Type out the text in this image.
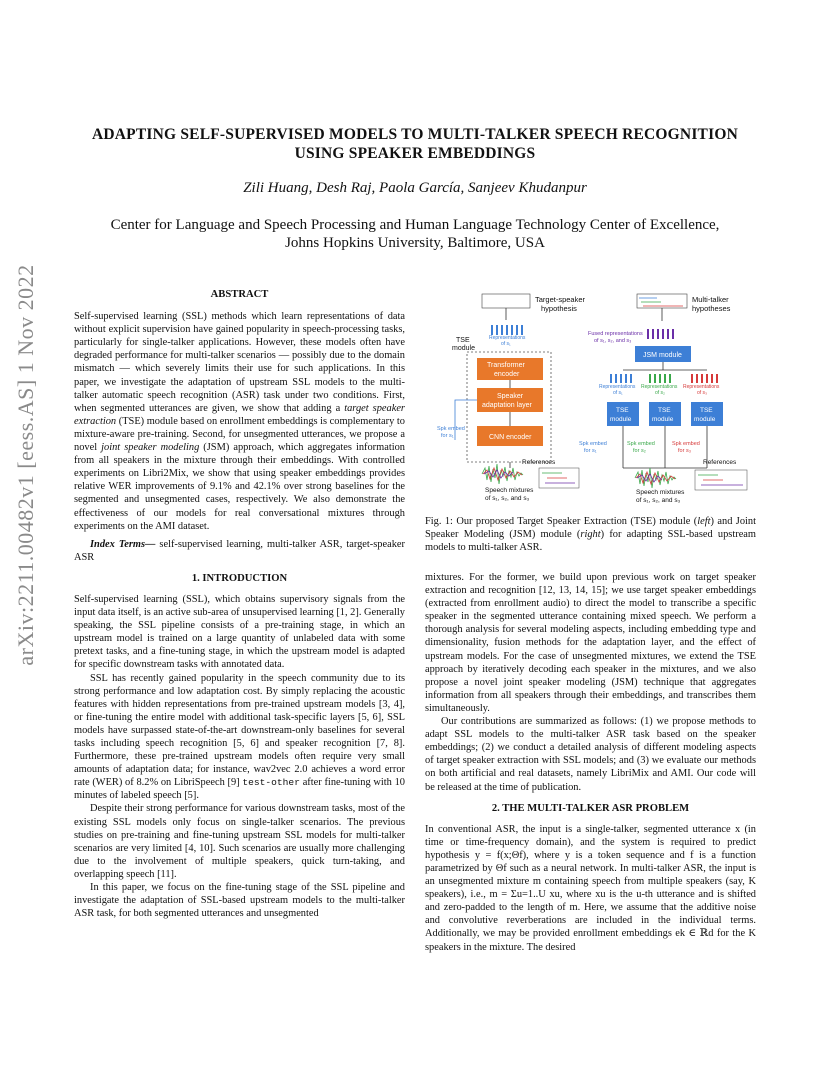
ADAPTING SELF-SUPERVISED MODELS TO MULTI-TALKER SPEECH RECOGNITION
USING SPEAKER EMBEDDINGS
Zili Huang, Desh Raj, Paola García, Sanjeev Khudanpur
Center for Language and Speech Processing and Human Language Technology Center of Excellence,
Johns Hopkins University, Baltimore, USA
arXiv:2211.00482v1 [eess.AS] 1 Nov 2022	ABSTRACT

Self-supervised learning (SSL) methods which learn representations of data without explicit supervision have gained popularity in speech-processing tasks, particularly for single-talker applications. However, these models often have degraded performance for multi-talker scenarios — possibly due to the domain mismatch — which severely limits their use for such applications. In this paper, we investigate the adaptation of upstream SSL models to the multi-talker automatic speech recognition (ASR) task under two conditions. First, when segmented utterances are given, we show that adding a target speaker extraction (TSE) module based on enrollment embeddings is complementary to mixture-aware pre-training. Second, for unsegmented utterances, we propose a novel joint speaker modeling (JSM) approach, which aggregates information from all speakers in the mixture through their embeddings. With controlled experiments on Libri2Mix, we show that using speaker embeddings provides relative WER improvements of 9.1% and 42.1% over strong baselines for the segmented and unsegmented cases, respectively. We also demonstrate the effectiveness of our models for real conversational mixtures through experiments on the AMI dataset.

Index Terms— self-supervised learning, multi-talker ASR, target-speaker ASR

1. INTRODUCTION

Self-supervised learning (SSL), which obtains supervisory signals from the input data itself, is an active sub-area of unsupervised learning [1, 2]. Generally speaking, the SSL pipeline consists of a pre-training stage, in which an upstream model is trained on a large quantity of unlabeled data with some pretext tasks, and a fine-tuning stage, in which the upstream model is adapted for specific downstream tasks with annotated data.

SSL has recently gained popularity in the speech community due to its strong performance and low adaptation cost. By simply replacing the acoustic features with hidden representations from pre-trained upstream models [3, 4], or fine-tuning the entire model with additional task-specific layers [5, 6], SSL models have surpassed state-of-the-art downstream-only baselines for several tasks including speech recognition [5, 6] and speaker recognition [7, 8]. Furthermore, these pre-trained upstream models often require very small amounts of adaptation data; for instance, wav2vec 2.0 achieves a word error rate (WER) of 8.2% on LibriSpeech [9] test-other after fine-tuning with 10 minutes of labeled speech [5].

Despite their strong performance for various downstream tasks, most of the existing SSL models only focus on single-talker scenarios. The previous studies on pre-training and fine-tuning upstream SSL models for multi-talker scenarios are very limited [4, 10]. Such scenarios are usually more challenging due to the involvement of multiple speakers, quick turn-taking, and overlapping speech [11].

In this paper, we focus on the fine-tuning stage of the SSL pipeline and investigate the adaptation of SSL-based upstream models to the multi-talker ASR task, for both segmented utterances and unsegmented

Target-speaker
hypothesis
Representations
of s₁
TSE
module
Transformer
encoder
Speaker
adaptation layer
CNN encoder
Spk embed
for s₁
References
Speech mixtures
of s₁, s₂, and s₃
Multi-talker
hypotheses
Fused representations
of s₁, s₂, and s₃
JSM module
Representations
of s₁
Representations
of s₂
Representations
of s₃
TSE
module
TSE
module
TSE
module
Spk embed
for s₁
Spk embed
for s₂
Spk embed
for s₃
References
Speech mixtures
of s₁, s₂, and s₃
Fig. 1: Our proposed Target Speaker Extraction (TSE) module (left) and Joint Speaker Modeling (JSM) module (right) for adapting SSL-based upstream models to multi-talker ASR.

mixtures. For the former, we build upon previous work on target speaker extraction and recognition [12, 13, 14, 15]; we use target speaker embeddings (extracted from enrollment audio) to direct the model to transcribe a specific speaker in the segmented utterance containing mixed speech. We perform a thorough analysis for several modeling aspects, including embedding type and dimensionality, fusion methods for the adaptation layer, and the effect of upstream models. For the case of unsegmented mixtures, we extend the TSE approach by iteratively decoding each speaker in the mixtures, and we also propose a novel joint speaker modeling (JSM) technique that aggregates information from all speakers through their embeddings, and transcribes them simultaneously.

Our contributions are summarized as follows: (1) we propose methods to adapt SSL models to the multi-talker ASR task based on the speaker embeddings; (2) we conduct a detailed analysis of different modeling aspects of target speaker extraction with SSL models; and (3) we evaluate our methods on both artificial and real datasets, namely LibriMix and AMI. Our code will be released at the time of publication.

2. THE MULTI-TALKER ASR PROBLEM

In conventional ASR, the input is a single-talker, segmented utterance x (in time or time-frequency domain), and the system is required to predict hypothesis y = f(x;Θf), where y is a token sequence and f is a function parametrized by Θf such as a neural network. In multi-talker ASR, the input is an unsegmented mixture m containing speech from multiple speakers (say, K speakers), i.e., m = Σu=1..U xu, where xu is the u-th utterance and is shifted and zero-padded to the length of m. Here, we assume that the additive noise and convolutive reverberations are included in the individual terms. Additionally, we may be provided enrollment embeddings ek ∈ ℝd for the K speakers in the mixture. The desired
